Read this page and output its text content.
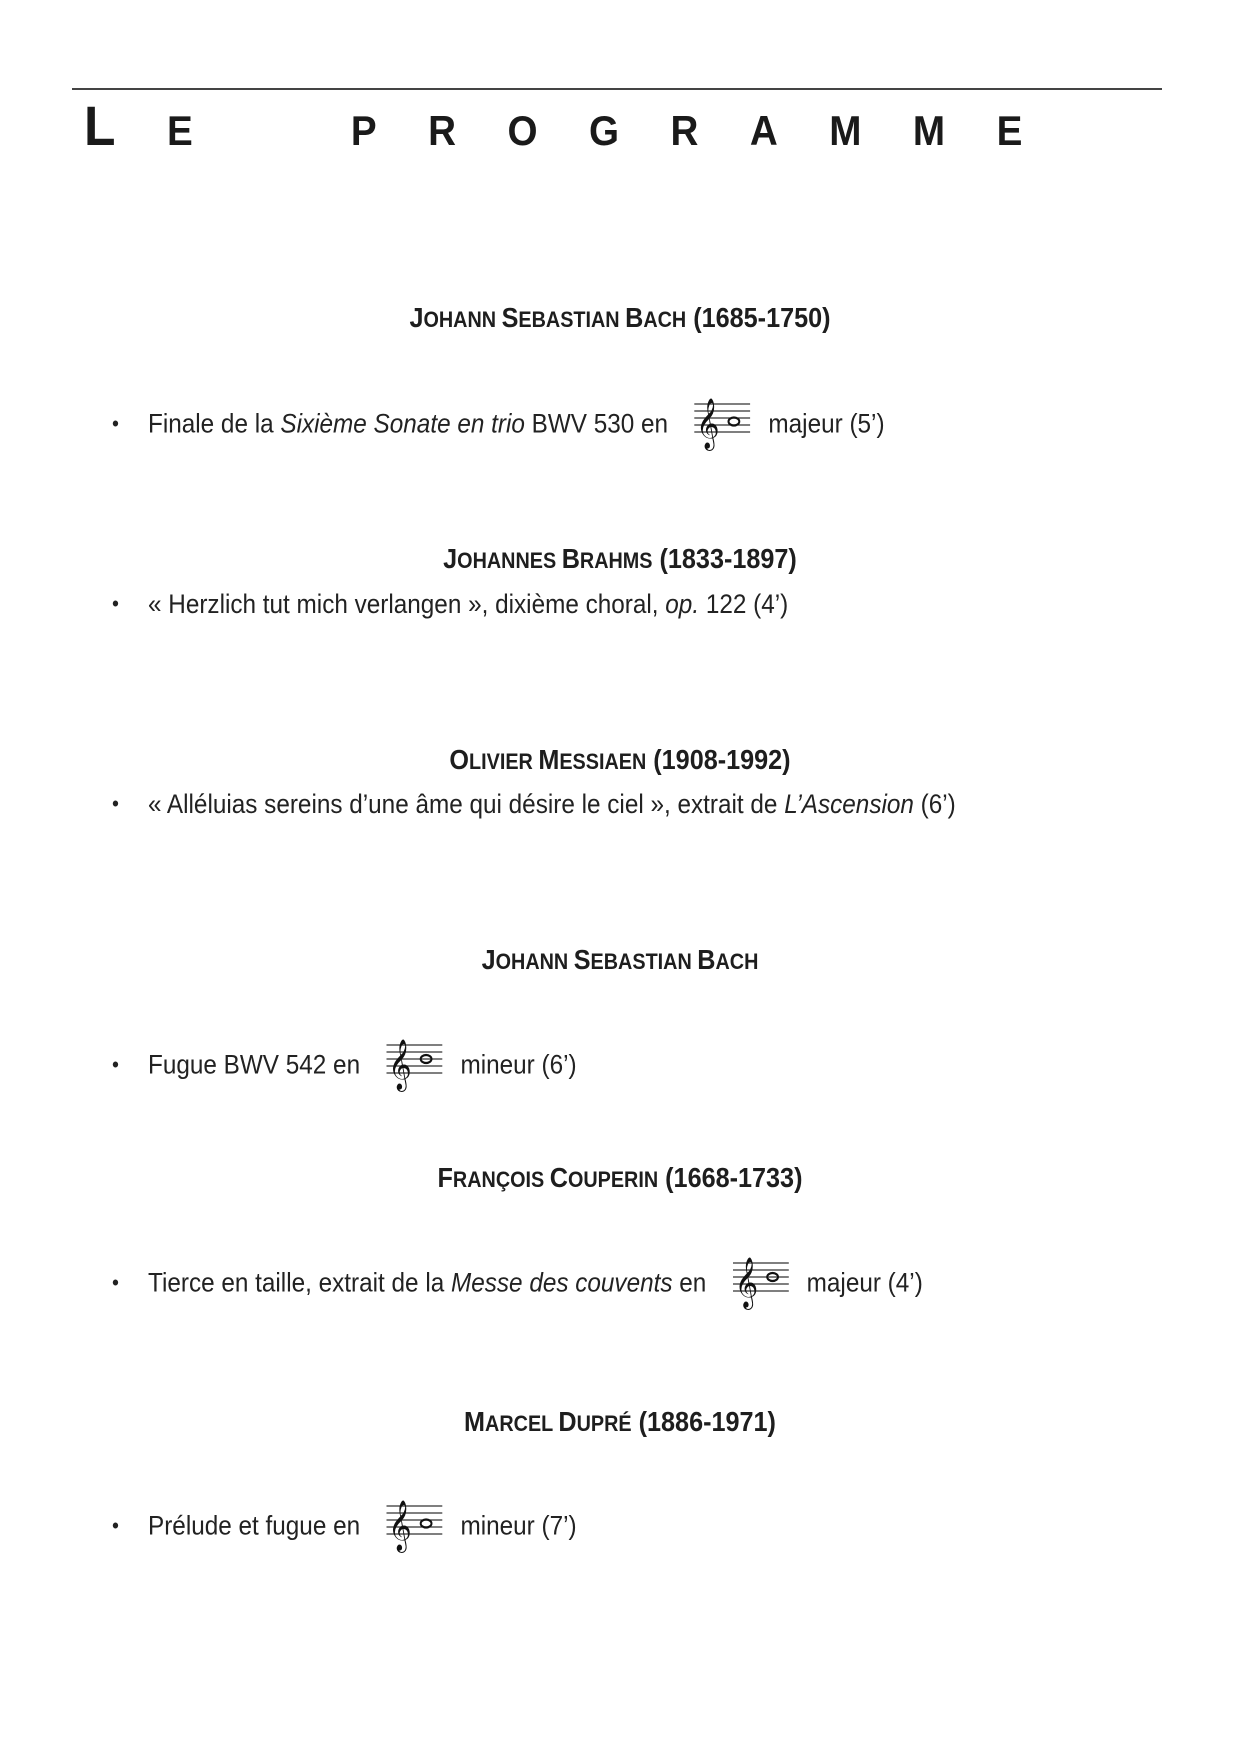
L E	P R O G R A M M E
JOHANN SEBASTIAN BACH (1685-1750)
• Finale de la Sixième Sonate en trio BWV 530 en 𝄞 majeur (5’)
JOHANNES BRAHMS (1833-1897)
• « Herzlich tut mich verlangen », dixième choral, op. 122 (4’)
OLIVIER MESSIAEN (1908-1992)
• « Alléluias sereins d’une âme qui désire le ciel », extrait de L’Ascension (6’)
JOHANN SEBASTIAN BACH
• Fugue BWV 542 en 𝄞 mineur (6’)
FRANÇOIS COUPERIN (1668-1733)
• Tierce en taille, extrait de la Messe des couvents en 𝄞 majeur (4’)
MARCEL DUPRÉ (1886-1971)
• Prélude et fugue en 𝄞 mineur (7’)
